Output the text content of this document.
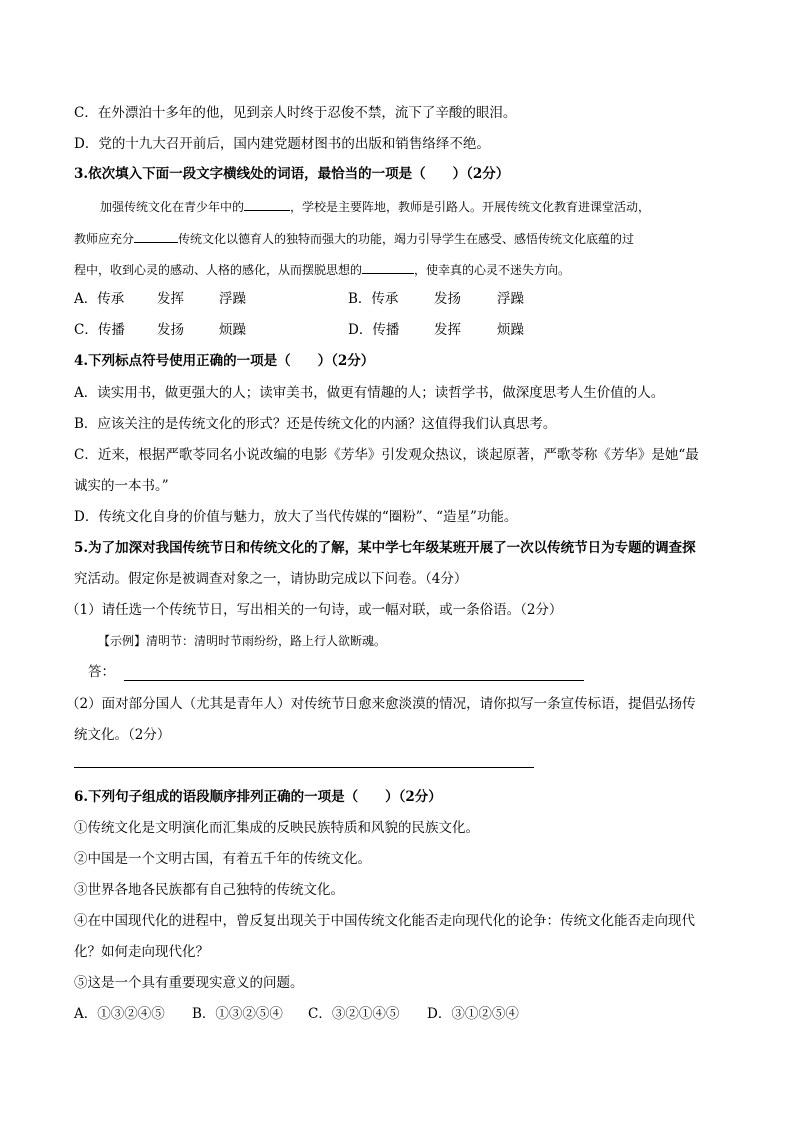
C．在外漂泊十多年的他，见到亲人时终于忍俊不禁，流下了辛酸的眼泪。
D．党的十九大召开前后，国内建党题材图书的出版和销售络绎不绝。
3.依次填入下面一段文字横线处的词语，最恰当的一项是（　　）（2分）
加强传统文化在青少年中的	，学校是主要阵地，教师是引路人。开展传统文化教育进课堂活动，
教师应充分	传统文化以德育人的独特而强大的功能，竭力引导学生在感受、感悟传统文化底蕴的过
程中，收到心灵的感动、人格的感化，从而摆脱思想的	，使幸真的心灵不迷失方向。
A．传承 发挥	浮躁	B．传承	发扬	浮躁
C．传播 发扬	烦躁	D．传播	发挥	烦躁
4.下列标点符号使用正确的一项是（　　）（2分）
A．读实用书，做更强大的人；读审美书，做更有情趣的人；读哲学书，做深度思考人生价值的人。
B．应该关注的是传统文化的形式？还是传统文化的内涵？这值得我们认真思考。
C．近来，根据严歌苓同名小说改编的电影《芳华》引发观众热议，谈起原著，严歌苓称《芳华》是她“最
诚实的一本书。”
D．传统文化自身的价值与魅力，放大了当代传媒的“圈粉”、“造星”功能。
5.为了加深对我国传统节日和传统文化的了解，某中学七年级某班开展了一次以传统节日为专题的调查探
究活动。假定你是被调查对象之一，请协助完成以下问卷。（4分）
（1）请任选一个传统节日，写出相关的一句诗，或一幅对联，或一条俗语。（2分）
【示例】清明节：清明时节雨纷纷，路上行人欲断魂。
答：
（2）面对部分国人（尤其是青年人）对传统节日愈来愈淡漠的情况，请你拟写一条宣传标语，提倡弘扬传
统文化。（2分）
6.下列句子组成的语段顺序排列正确的一项是（　　）（2分）
①传统文化是文明演化而汇集成的反映民族特质和风貌的民族文化。
②中国是一个文明古国，有着五千年的传统文化。
③世界各地各民族都有自己独特的传统文化。
④在中国现代化的进程中，曾反复出现关于中国传统文化能否走向现代化的论争：传统文化能否走向现代
化？如何走向现代化？
⑤这是一个具有重要现实意义的问题。
A．①③②④⑤ B．①③②⑤④ C．③②①④⑤ D．③①②⑤④
